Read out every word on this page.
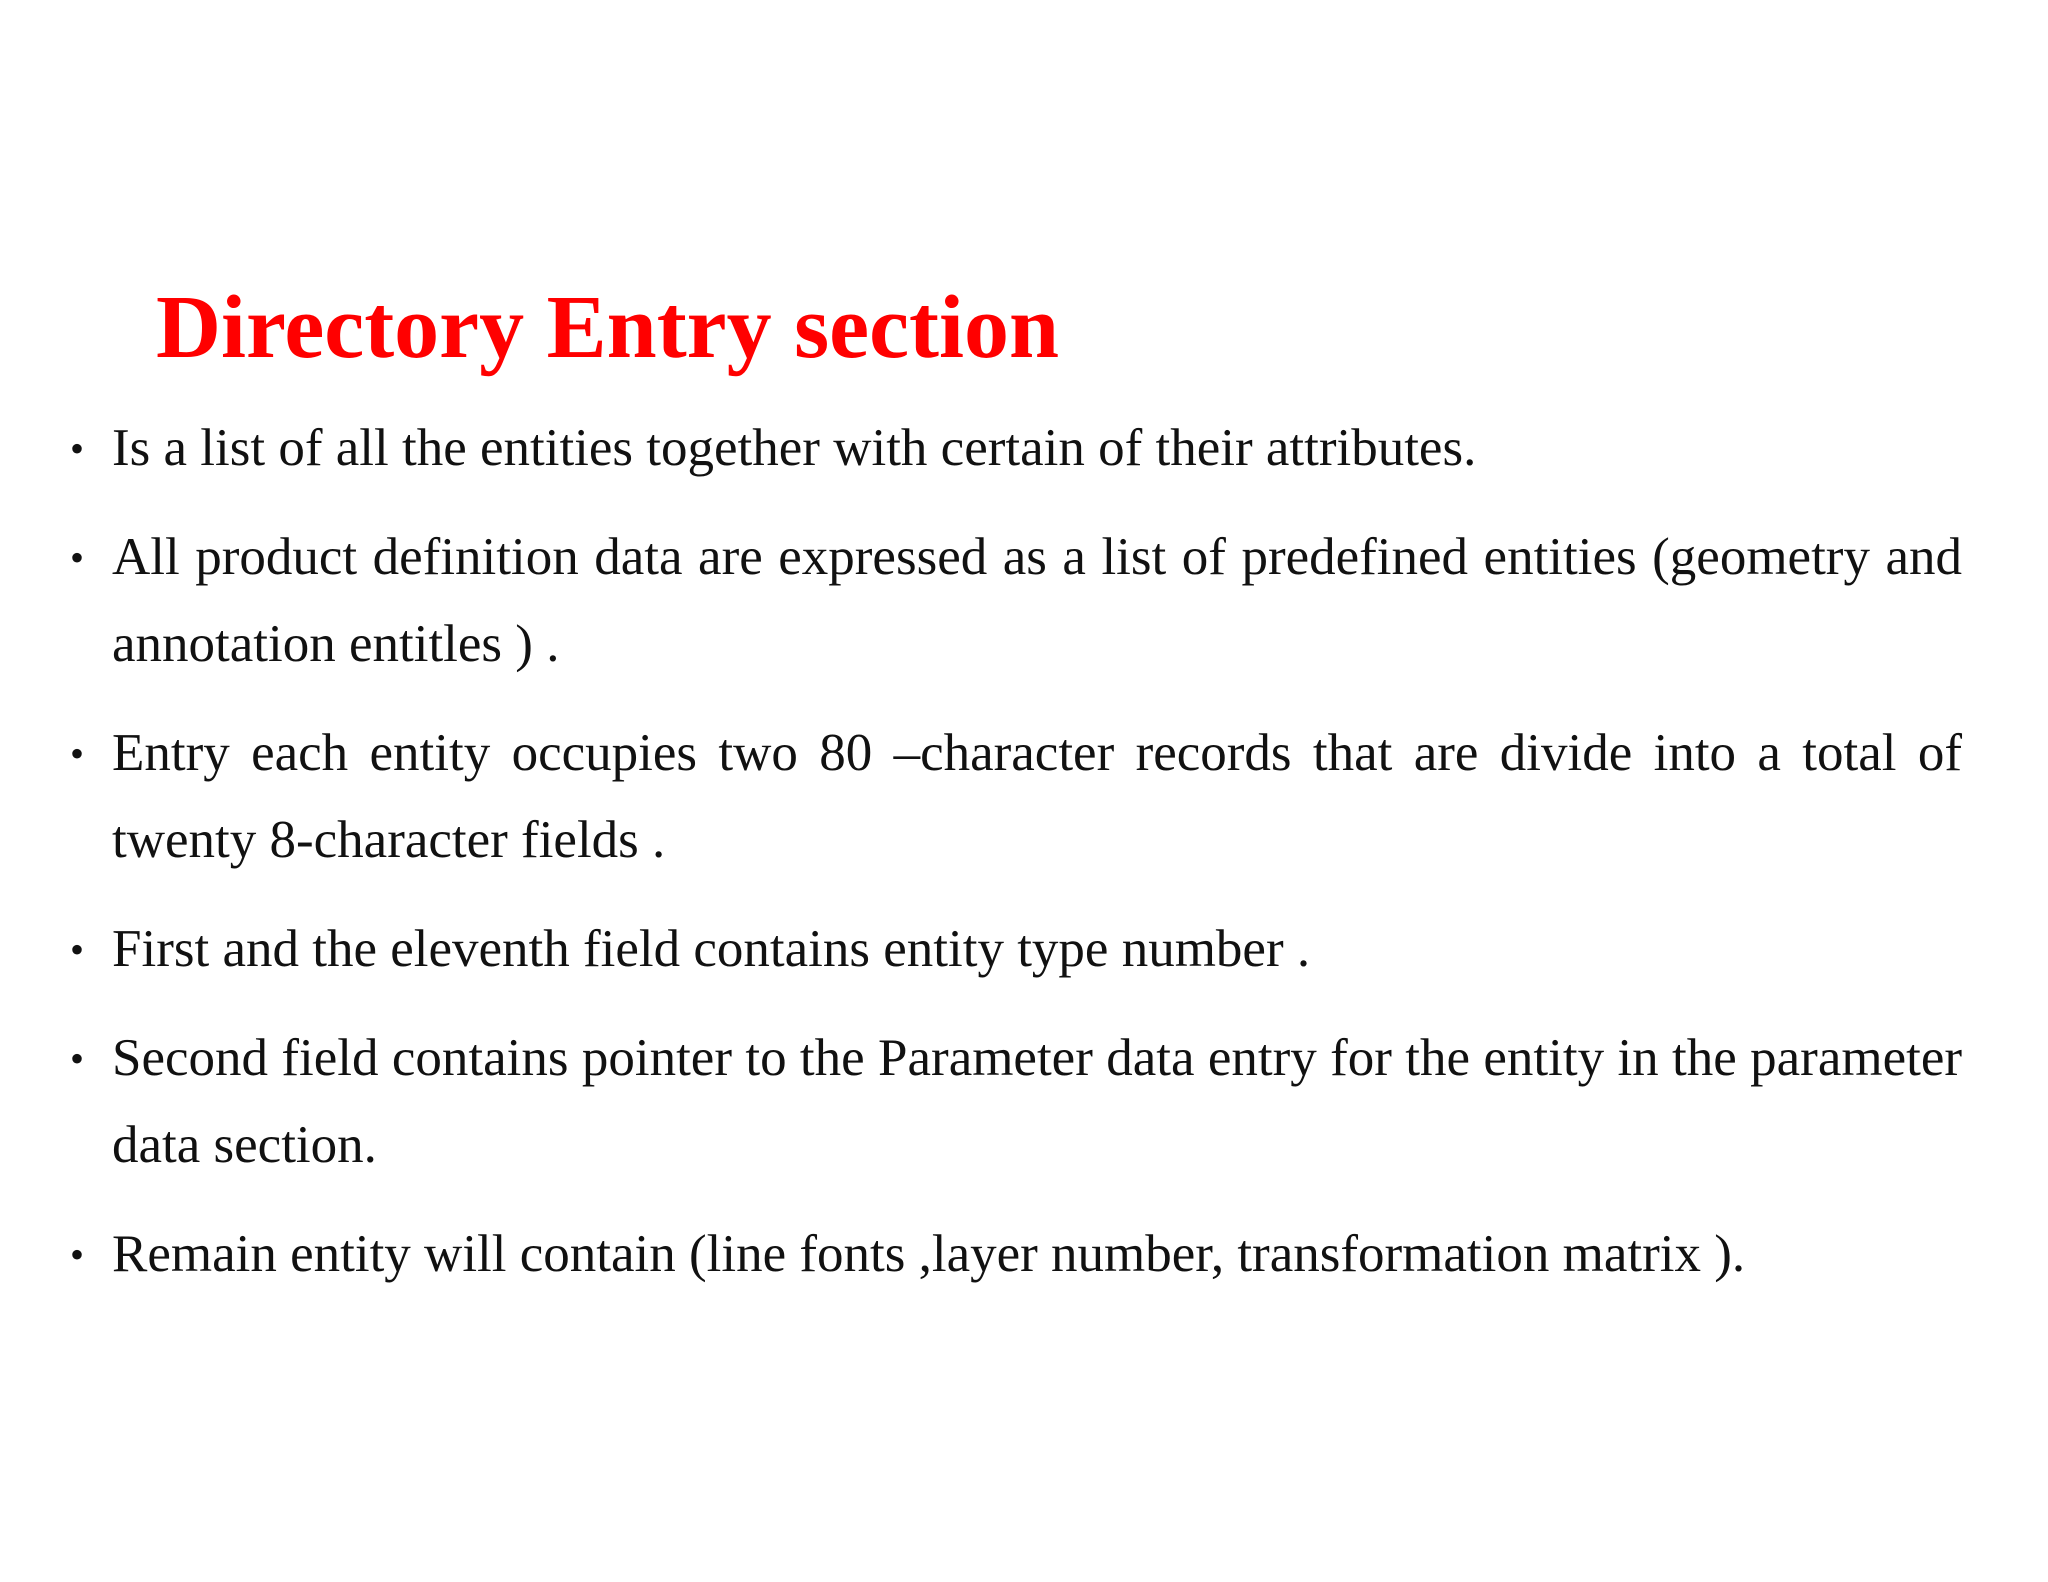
Directory Entry section
• Is a list of all the entities together with certain of their attributes.
• All product definition data are expressed as a list of predefined entities (geometry and annotation entitles ) .
• Entry each entity occupies two 80 –character records that are divide into a total of twenty 8-character fields .
• First and the eleventh field contains entity type number .
• Second field contains pointer to the Parameter data entry for the entity in the parameter data section.
• Remain entity will contain (line fonts ,layer number, transformation matrix ).
